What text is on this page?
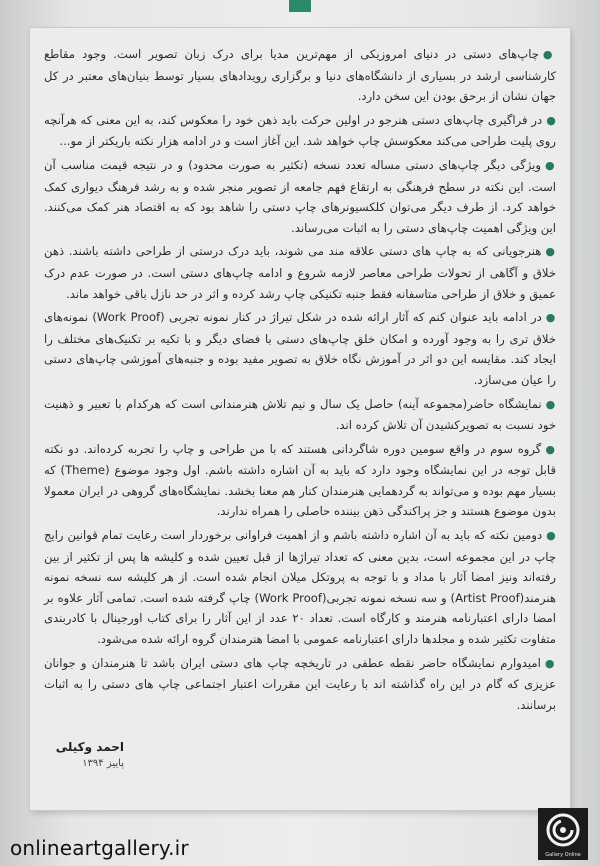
●چاپ‌های دستی در دنیای امروزیکی از مهم‌ترین مدیا برای درک زبان تصویر است. وجود مقاطع کارشناسی ارشد در بسیاری از دانشگاه‌های دنیا و برگزاری رویدادهای بسیار توسط بنیان‌های معتبر در کل جهان نشان از برحق بودن این سخن دارد.

●در فراگیری چاپ‌های دستی هنرجو در اولین حرکت باید ذهن خود را معکوس کند، به این معنی که هرآنچه روی پلیت طراحی می‌کند معکوسش چاپ خواهد شد. این آغاز است و در ادامه هزار نکته باریکتر از مو...

●ویژگی دیگر چاپ‌های دستی مساله تعدد نسخه (تکثیر به صورت محدود) و در نتیجه قیمت مناسب آن است. این نکته در سطح فرهنگی به ارتقاع فهم جامعه از تصویر منجر شده و به رشد فرهنگ دیواری کمک خواهد کرد. از طرف دیگر می‌توان کلکسیونرهای چاپ دستی را شاهد بود که به اقتصاد هنر کمک می‌کنند. این ویژگی اهمیت چاپ‌های دستی را به اثبات می‌رساند.

●هنرجویانی که به چاپ های دستی علاقه مند می شوند، باید درک درستی از طراحی داشته باشند. ذهن خلاق و آگاهی از تحولات طراحی معاصر لازمه شروع و ادامه چاپ‌های دستی است. در صورت عدم درک عمیق و خلاق از طراحی متاسفانه فقط جنبه تکنیکی چاپ رشد کرده و اثر در حد نازل باقی خواهد ماند.

●در ادامه باید عنوان کنم که آثار ارائه شده در شکل تیراژ در کنار نمونه تجربی (Work Proof) نمونه‌های خلاق تری را به وجود آورده و امکان خلق چاپ‌های دستی با فضای دیگر و با تکیه بر تکنیک‌های مختلف را ایجاد کند. مقایسه این دو اثر در آموزش نگاه خلاق به تصویر مفید بوده و جنبه‌های آموزشی چاپ‌های دستی را عیان می‌سازد.

●نمایشگاه حاضر(مجموعه آینه) حاصل یک سال و نیم تلاش هنرمندانی است که هرکدام با تعبیر و ذهنیت خود نسبت به تصویرکشیدن آن تلاش کرده اند.

●گروه سوم در واقع سومین دوره شاگردانی هستند که با من طراحی و چاپ را تجربه کرده‌اند. دو نکته قابل توجه در این نمایشگاه وجود دارد که باید به آن اشاره داشته باشم. اول وجود موضوع (Theme) که بسیار مهم بوده و می‌تواند به گردهمایی هنرمندان کنار هم معنا بخشد. نمایشگاه‌های گروهی در ایران معمولا بدون موضوع هستند و جز پراکندگی ذهن بیننده حاصلی را همراه ندارند.

●دومین نکته که باید به آن اشاره داشته باشم و از اهمیت فراوانی برخوردار است رعایت تمام قوانین رایج چاپ در این مجموعه است، بدین معنی که تعداد تیراژها از قبل تعیین شده و کلیشه ها پس از تکثیر از بین رفته‌اند ونیز امضا آثار با مداد و با توجه به پروتکل میلان انجام شده است. از هر کلیشه سه نسخه نمونه هنرمند(Artist Proof) و سه نسخه نمونه تجربی(Work Proof) چاپ گرفته شده است. تمامی آثار علاوه بر امضا دارای اعتبارنامه هنرمند و کارگاه است. تعداد ۲۰ عدد از این آثار را برای کتاب اورجینال با کادربندی متفاوت تکثیر شده و مجلدها دارای اعتبارنامه عمومی با امضا هنرمندان گروه ارائه شده می‌شود.

●امیدوارم نمایشگاه حاضر نقطه عطفی در تاریخچه چاپ های دستی ایران باشد تا هنرمندان و جوانان عزیزی که گام در این راه گذاشته اند با رعایت این مقررات اعتبار اجتماعی چاپ های دستی را به اثبات برسانند.

احمد وکیلی
پاییز ۱۳۹۴
onlineartgallery.ir	Gallery Online
